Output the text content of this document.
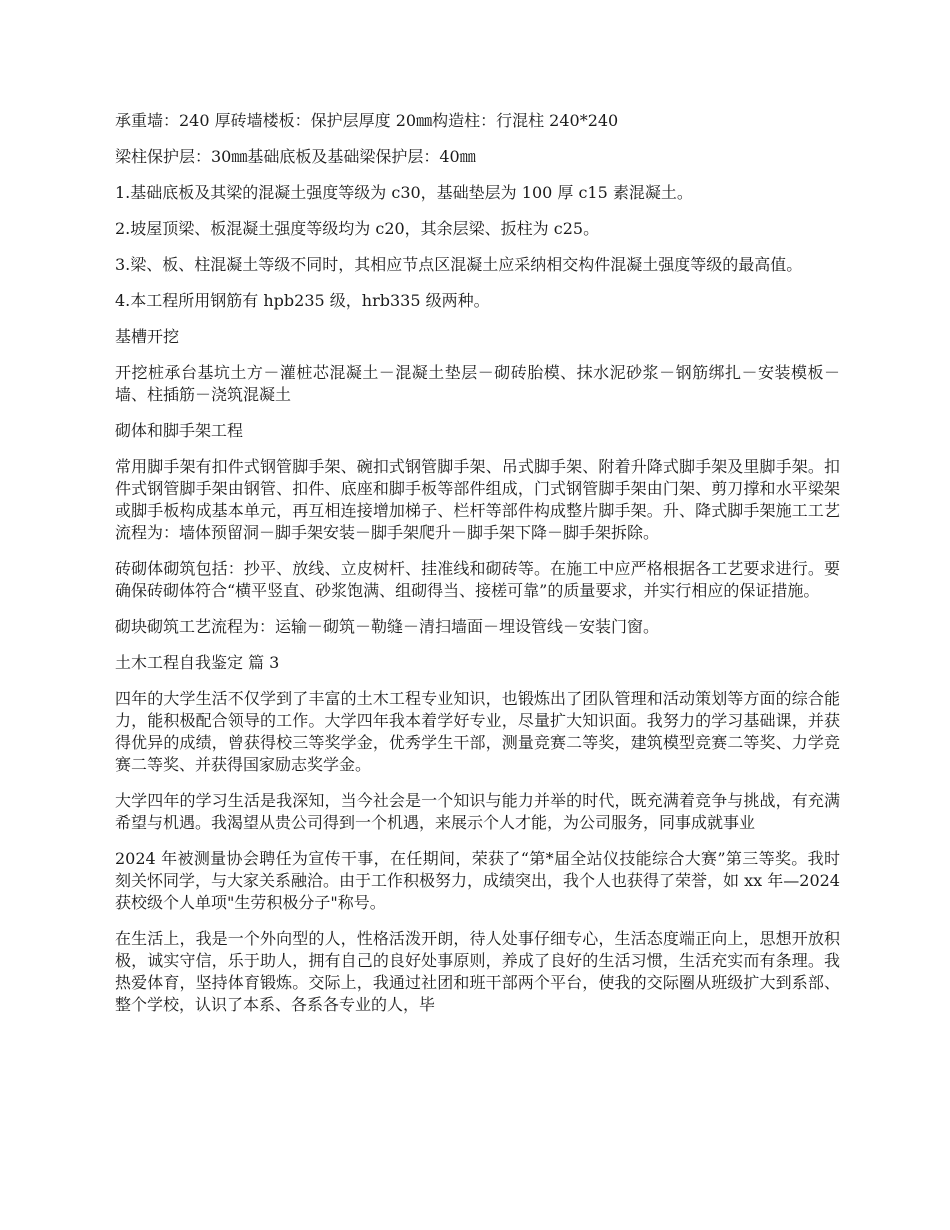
承重墙：240 厚砖墙楼板：保护层厚度 20㎜构造柱：行混柱 240*240

梁柱保护层：30㎜基础底板及基础梁保护层：40㎜

1.基础底板及其梁的混凝土强度等级为 c30，基础垫层为 100 厚 c15 素混凝土。

2.坡屋顶梁、板混凝土强度等级均为 c20，其余层梁、扳柱为 c25。

3.梁、板、柱混凝土等级不同时，其相应节点区混凝土应采纳相交构件混凝土强度等级的最高值。

4.本工程所用钢筋有 hpb235 级，hrb335 级两种。

基槽开挖

开挖桩承台基坑土方－灌桩芯混凝土－混凝土垫层－砌砖胎模、抹水泥砂浆－钢筋绑扎－安装模板－墙、柱插筋－浇筑混凝土

砌体和脚手架工程

常用脚手架有扣件式钢管脚手架、碗扣式钢管脚手架、吊式脚手架、附着升降式脚手架及里脚手架。扣件式钢管脚手架由钢管、扣件、底座和脚手板等部件组成，门式钢管脚手架由门架、剪刀撑和水平梁架或脚手板构成基本单元，再互相连接增加梯子、栏杆等部件构成整片脚手架。升、降式脚手架施工工艺流程为：墙体预留洞－脚手架安装－脚手架爬升－脚手架下降－脚手架拆除。

砖砌体砌筑包括：抄平、放线、立皮树杆、挂准线和砌砖等。在施工中应严格根据各工艺要求进行。要确保砖砌体符合“横平竖直、砂浆饱满、组砌得当、接槎可靠”的质量要求，并实行相应的保证措施。

砌块砌筑工艺流程为：运输－砌筑－勒缝－清扫墙面－埋设管线－安装门窗。

土木工程自我鉴定 篇 3

四年的大学生活不仅学到了丰富的土木工程专业知识，也锻炼出了团队管理和活动策划等方面的综合能力，能积极配合领导的工作。大学四年我本着学好专业，尽量扩大知识面。我努力的学习基础课，并获得优异的成绩，曾获得校三等奖学金，优秀学生干部，测量竞赛二等奖，建筑模型竞赛二等奖、力学竞赛二等奖、并获得国家励志奖学金。

大学四年的学习生活是我深知，当今社会是一个知识与能力并举的时代，既充满着竞争与挑战，有充满希望与机遇。我渴望从贵公司得到一个机遇，来展示个人才能，为公司服务，同事成就事业

2024 年被测量协会聘任为宣传干事，在任期间，荣获了“第*届全站仪技能综合大赛”第三等奖。我时刻关怀同学，与大家关系融洽。由于工作积极努力，成绩突出，我个人也获得了荣誉，如 xx 年—2024 获校级个人单项"生劳积极分子"称号。

在生活上，我是一个外向型的人，性格活泼开朗，待人处事仔细专心，生活态度端正向上，思想开放积极，诚实守信，乐于助人，拥有自己的良好处事原则，养成了良好的生活习惯，生活充实而有条理。我热爱体育，坚持体育锻炼。交际上，我通过社团和班干部两个平台，使我的交际圈从班级扩大到系部、整个学校，认识了本系、各系各专业的人，毕
